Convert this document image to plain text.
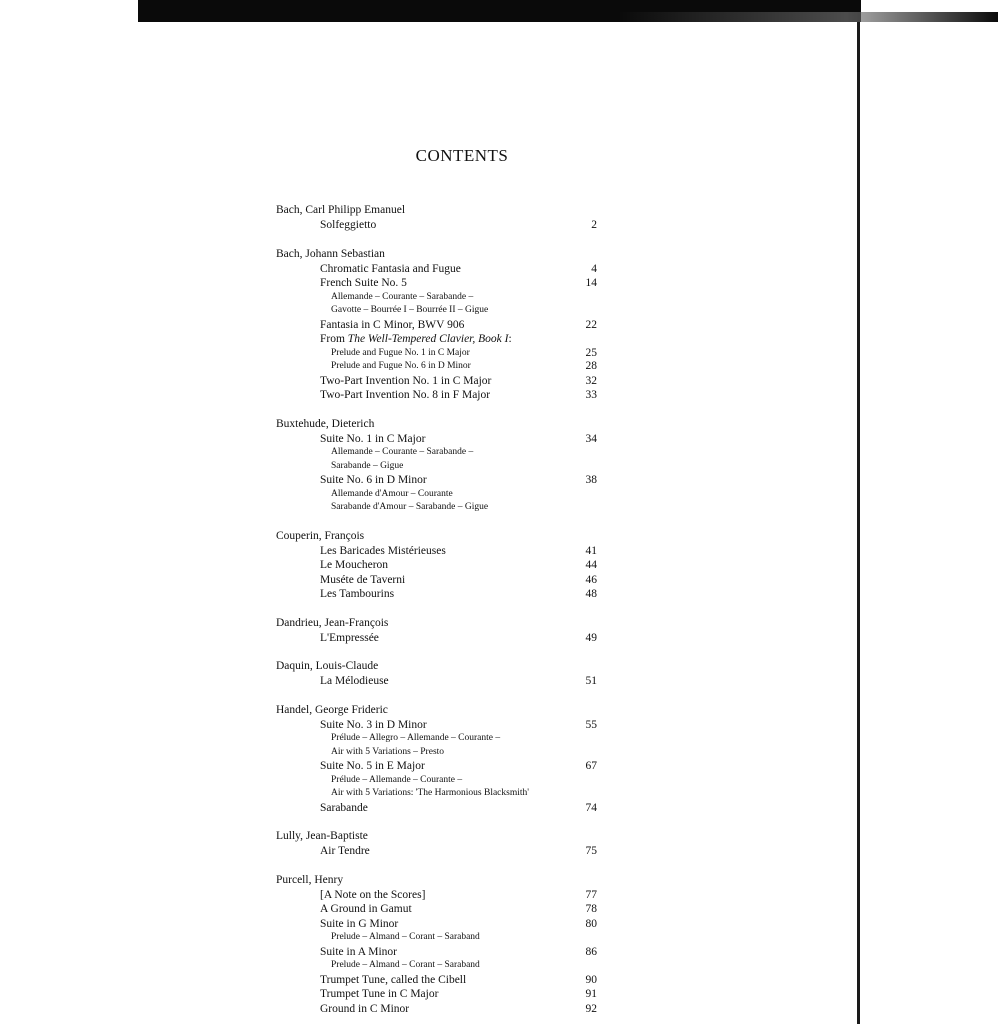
CONTENTS
Bach, Carl Philipp Emanuel
Solfeggietto	2
Bach, Johann Sebastian
Chromatic Fantasia and Fugue	4
French Suite No. 5	14
Allemande – Courante – Sarabande –
Gavotte – Bourrée I – Bourrée II – Gigue
Fantasia in C Minor, BWV 906	22
From The Well-Tempered Clavier, Book I:
Prelude and Fugue No. 1 in C Major	25
Prelude and Fugue No. 6 in D Minor	28
Two-Part Invention No. 1 in C Major	32
Two-Part Invention No. 8 in F Major	33
Buxtehude, Dieterich
Suite No. 1 in C Major	34
Allemande – Courante – Sarabande –
Sarabande – Gigue
Suite No. 6 in D Minor	38
Allemande d'Amour – Courante
Sarabande d'Amour – Sarabande – Gigue
Couperin, François
Les Baricades Mistérieuses	41
Le Moucheron	44
Muséte de Taverni	46
Les Tambourins	48
Dandrieu, Jean-François
L'Empressée	49
Daquin, Louis-Claude
La Mélodieuse	51
Handel, George Frideric
Suite No. 3 in D Minor	55
Prélude – Allegro – Allemande – Courante –
Air with 5 Variations – Presto
Suite No. 5 in E Major	67
Prélude – Allemande – Courante –
Air with 5 Variations: 'The Harmonious Blacksmith'
Sarabande	74
Lully, Jean-Baptiste
Air Tendre	75
Purcell, Henry
[A Note on the Scores]	77
A Ground in Gamut	78
Suite in G Minor	80
Prelude – Almand – Corant – Saraband
Suite in A Minor	86
Prelude – Almand – Corant – Saraband
Trumpet Tune, called the Cibell	90
Trumpet Tune in C Major	91
Ground in C Minor	92
